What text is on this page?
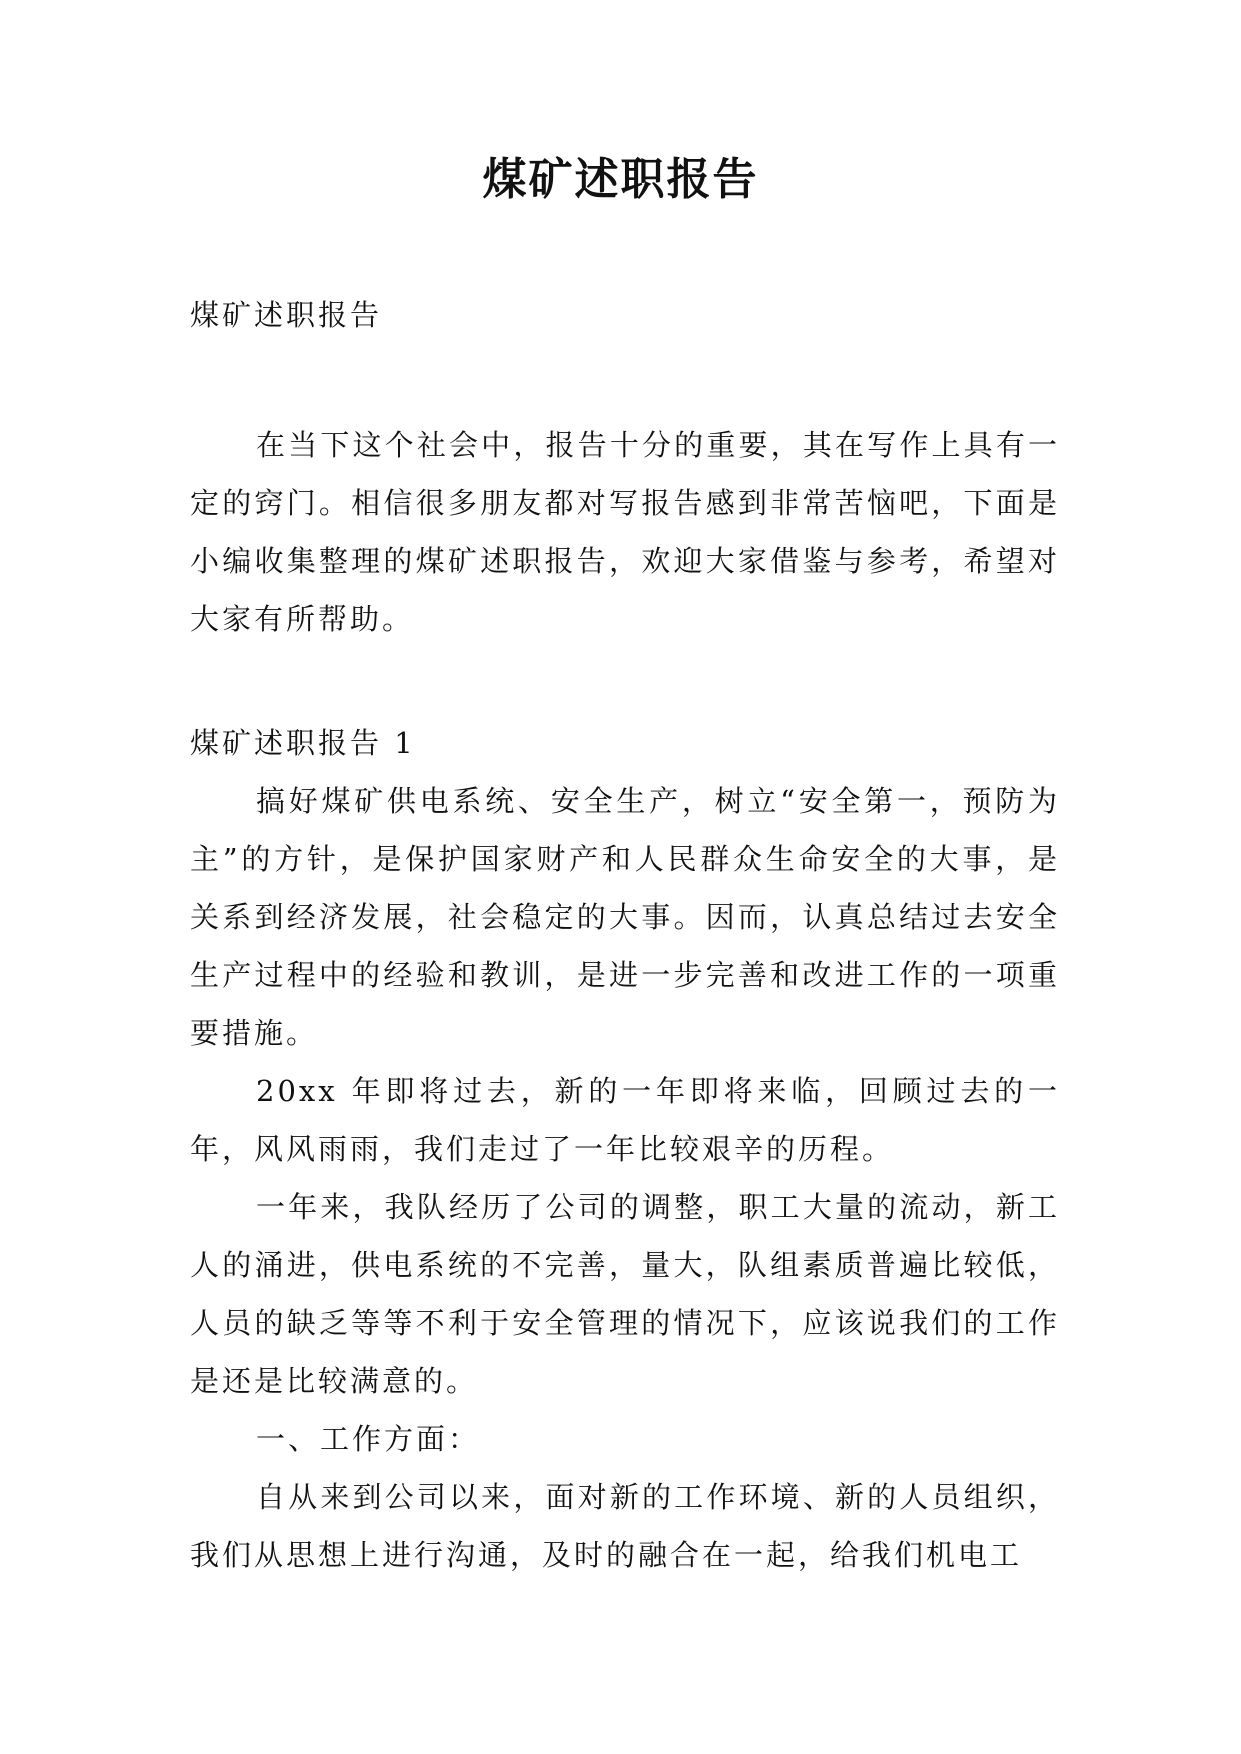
煤矿述职报告

煤矿述职报告

在当下这个社会中，报告十分的重要，其在写作上具有一定的窍门。相信很多朋友都对写报告感到非常苦恼吧，下面是小编收集整理的煤矿述职报告，欢迎大家借鉴与参考，希望对大家有所帮助。

煤矿述职报告 1

搞好煤矿供电系统、安全生产，树立“安全第一，预防为主”的方针，是保护国家财产和人民群众生命安全的大事，是关系到经济发展，社会稳定的大事。因而，认真总结过去安全生产过程中的经验和教训，是进一步完善和改进工作的一项重要措施。

20xx 年即将过去，新的一年即将来临，回顾过去的一年，风风雨雨，我们走过了一年比较艰辛的历程。

一年来，我队经历了公司的调整，职工大量的流动，新工人的涌进，供电系统的不完善，量大，队组素质普遍比较低，人员的缺乏等等不利于安全管理的情况下，应该说我们的工作是还是比较满意的。

一、工作方面：

自从来到公司以来，面对新的工作环境、新的人员组织，我们从思想上进行沟通，及时的融合在一起，给我们机电工
